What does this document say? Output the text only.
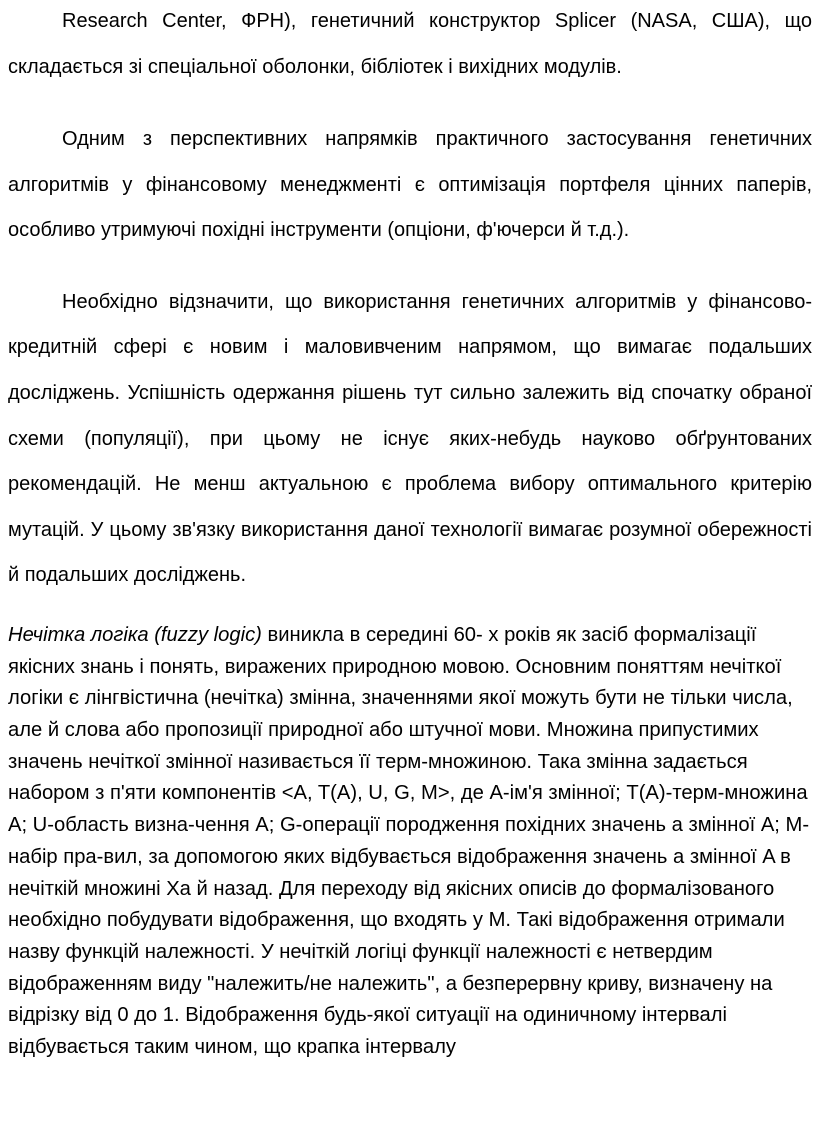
Research Center, ФРН), генетичний конструктор Splicer (NASA, США), що складається зі спеціальної оболонки, бібліотек і вихідних модулів.

Одним з перспективних напрямків практичного застосування генетичних алгоритмів у фінансовому менеджменті є оптимізація портфеля цінних паперів, особливо утримуючі похідні інструменти (опціони, ф'ючерси й т.д.).

Необхідно відзначити, що використання генетичних алгоритмів у фінансово-кредитній сфері є новим і маловивченим напрямом, що вимагає подальших досліджень. Успішність одержання рішень тут сильно залежить від спочатку обраної схеми (популяції), при цьому не існує яких-небудь науково обґрунтованих рекомендацій. Не менш актуальною є проблема вибору оптимального критерію мутацій. У цьому зв'язку використання даної технології вимагає розумної обережності й подальших досліджень.

Нечітка логіка (fuzzy logic) виникла в середині 60- х років як засіб формалізації якісних знань і понять, виражених природною мовою. Основним поняттям нечіткої логіки є лінгвістична (нечітка) змінна, значеннями якої можуть бути не тільки числа, але й слова або пропозиції природної або штучної мови. Множина припустимих значень нечіткої змінної називається її терм-множиною. Така змінна задається набором з п'яти компонентів <A, T(A), U, G, M>, де A-ім'я змінної; T(A)-терм-множина A; U-область визна-чення A; G-операції породження похідних значень a змінної A; M-набір пра-вил, за допомогою яких відбувається відображення значень a змінної A в нечіткій множині Xa й назад. Для переходу від якісних описів до формалізованого необхідно побудувати відображення, що входять у M. Такі відображення отримали назву функцій належності. У нечіткій логіці функції належності є нетвердим відображенням виду "належить/не належить", а безперервну криву, визначену на відрізку від 0 до 1. Відображення будь-якої ситуації на одиничному інтервалі відбувається таким чином, що крапка інтервалу
